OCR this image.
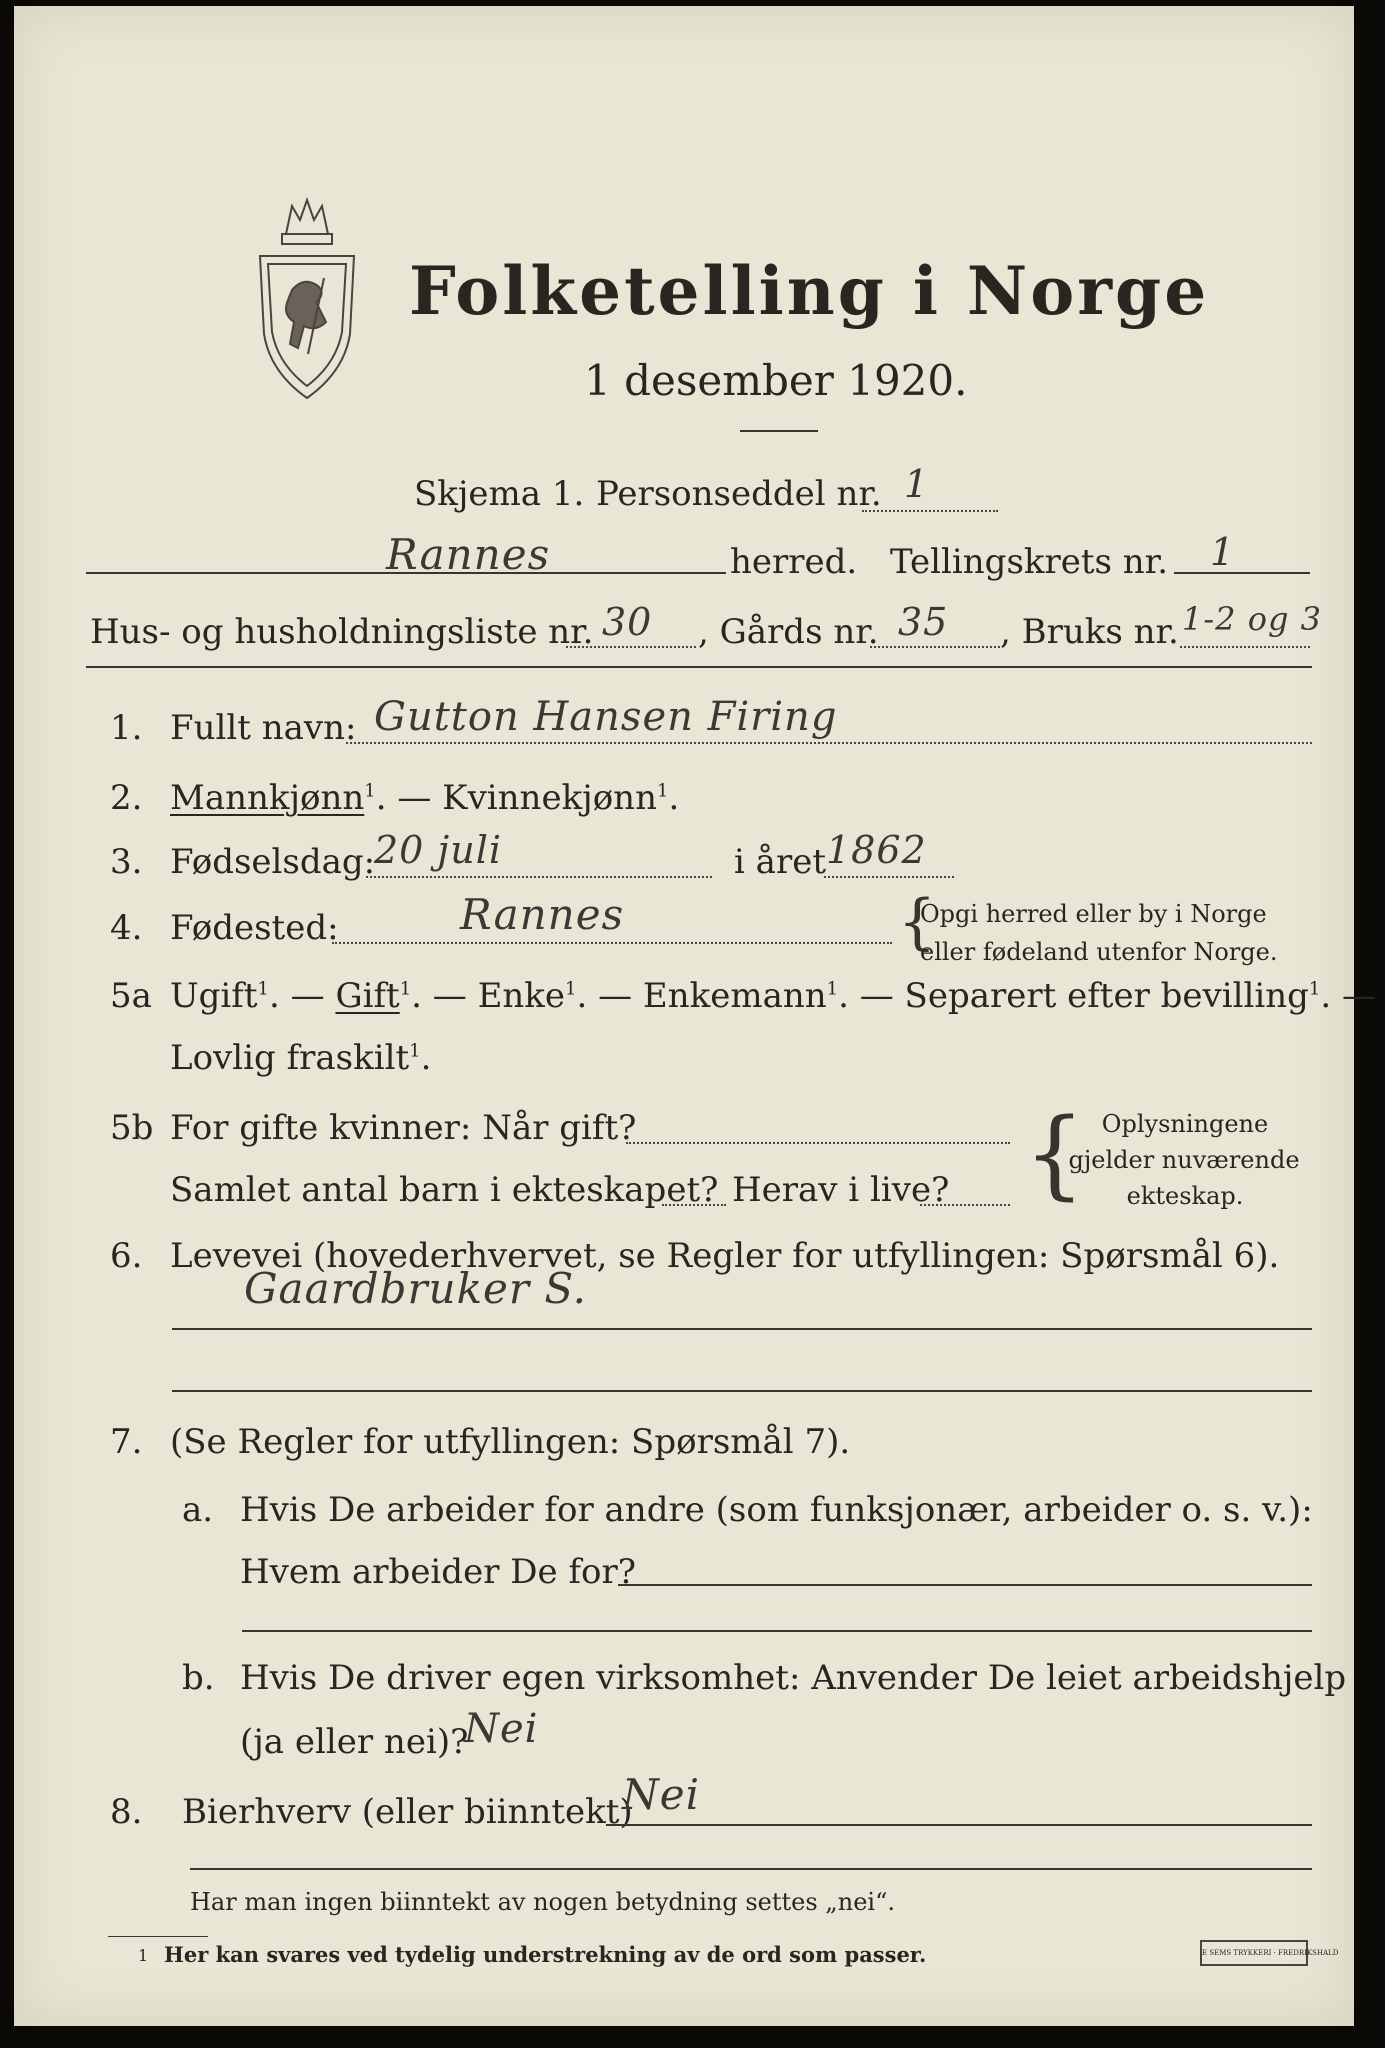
Folketelling i Norge
1 desember 1920.
Skjema 1. Personseddel nr. 1
Rannes	herred. Tellingskrets nr. 1
Hus- og husholdningsliste nr. 30 , Gårds nr. 35 , Bruks nr. 1-2 og 3
1. Fullt navn: Gutton Hansen Firing
2. Mannkjønn$^1$. — Kvinnekjønn$^1$.
3. Fødselsdag:
20 juli	i året 1862
4. Fødested:	Rannes	{
Opgi herred eller by i Norge
eller fødeland utenfor Norge.
5a Ugift$^1$. — Gift$^1$. — Enke$^1$. — Enkemann$^1$. — Separert efter bevilling$^1$. —
Lovlig fraskilt$^1$.
5b For gifte kvinner: Når gift?
Samlet antal barn i ekteskapet? Herav i live? { Oplysningene
gjelder nuværende
ekteskap.
6. Levevei (hovederhvervet, se Regler for utfyllingen: Spørsmål 6).
Gaardbruker S.
7. (Se Regler for utfyllingen: Spørsmål 7).
a. Hvis De arbeider for andre (som funksjonær, arbeider o. s. v.):
Hvem arbeider De for?
b. Hvis De driver egen virksomhet: Anvender De leiet arbeidshjelp
(ja eller nei)?
Nei
8. Bierhverv (eller biinntekt)
Nei
Har man ingen biinntekt av nogen betydning settes „nei“.
1 Her kan svares ved tydelig understrekning av de ord som passer.	E SEMS TRYKKERI · FREDRIKSHALD
